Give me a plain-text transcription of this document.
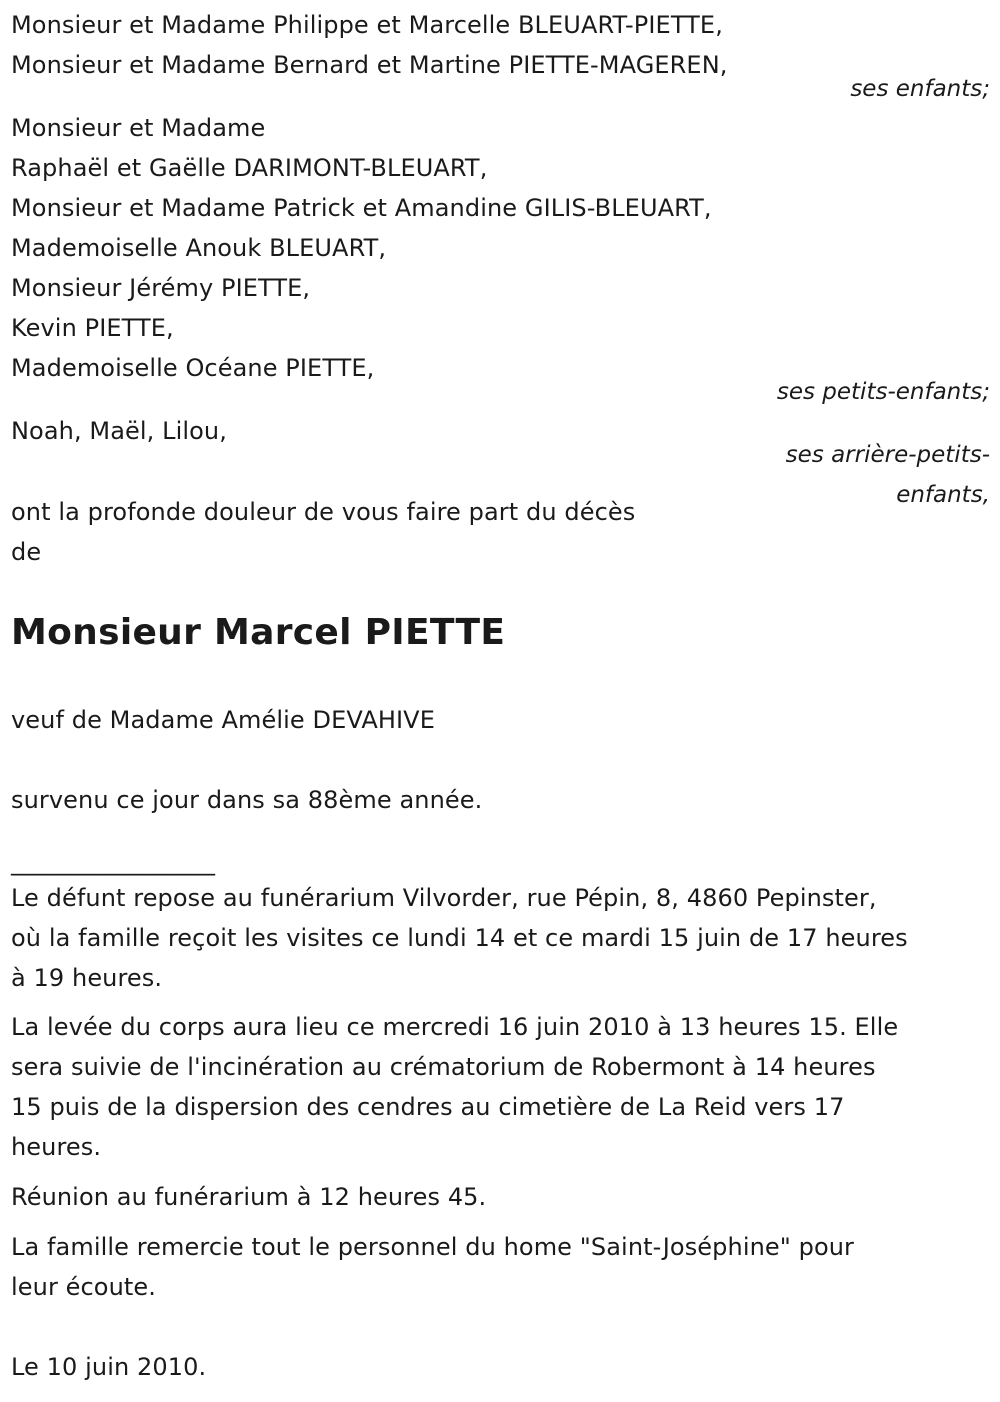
Monsieur et Madame Philippe et Marcelle BLEUART-PIETTE,
Monsieur et Madame Bernard et Martine PIETTE-MAGEREN,
ses enfants;
Monsieur et Madame
Raphaël et Gaëlle DARIMONT-BLEUART,
Monsieur et Madame Patrick et Amandine GILIS-BLEUART,
Mademoiselle Anouk BLEUART,
Monsieur Jérémy PIETTE,
Kevin PIETTE,
Mademoiselle Océane PIETTE,
ses petits-enfants;
Noah, Maël, Lilou,
ses arrière-petits-
enfants,
ont la profonde douleur de vous faire part du décès
de
Monsieur Marcel PIETTE
veuf de Madame Amélie DEVAHIVE
survenu ce jour dans sa 88ème année.
_________________
Le défunt repose au funérarium Vilvorder, rue Pépin, 8, 4860 Pepinster,
où la famille reçoit les visites ce lundi 14 et ce mardi 15 juin de 17 heures
à 19 heures.
La levée du corps aura lieu ce mercredi 16 juin 2010 à 13 heures 15. Elle
sera suivie de l'incinération au crématorium de Robermont à 14 heures
15 puis de la dispersion des cendres au cimetière de La Reid vers 17
heures.
Réunion au funérarium à 12 heures 45.
La famille remercie tout le personnel du home "Saint-Joséphine" pour
leur écoute.
Le 10 juin 2010.
